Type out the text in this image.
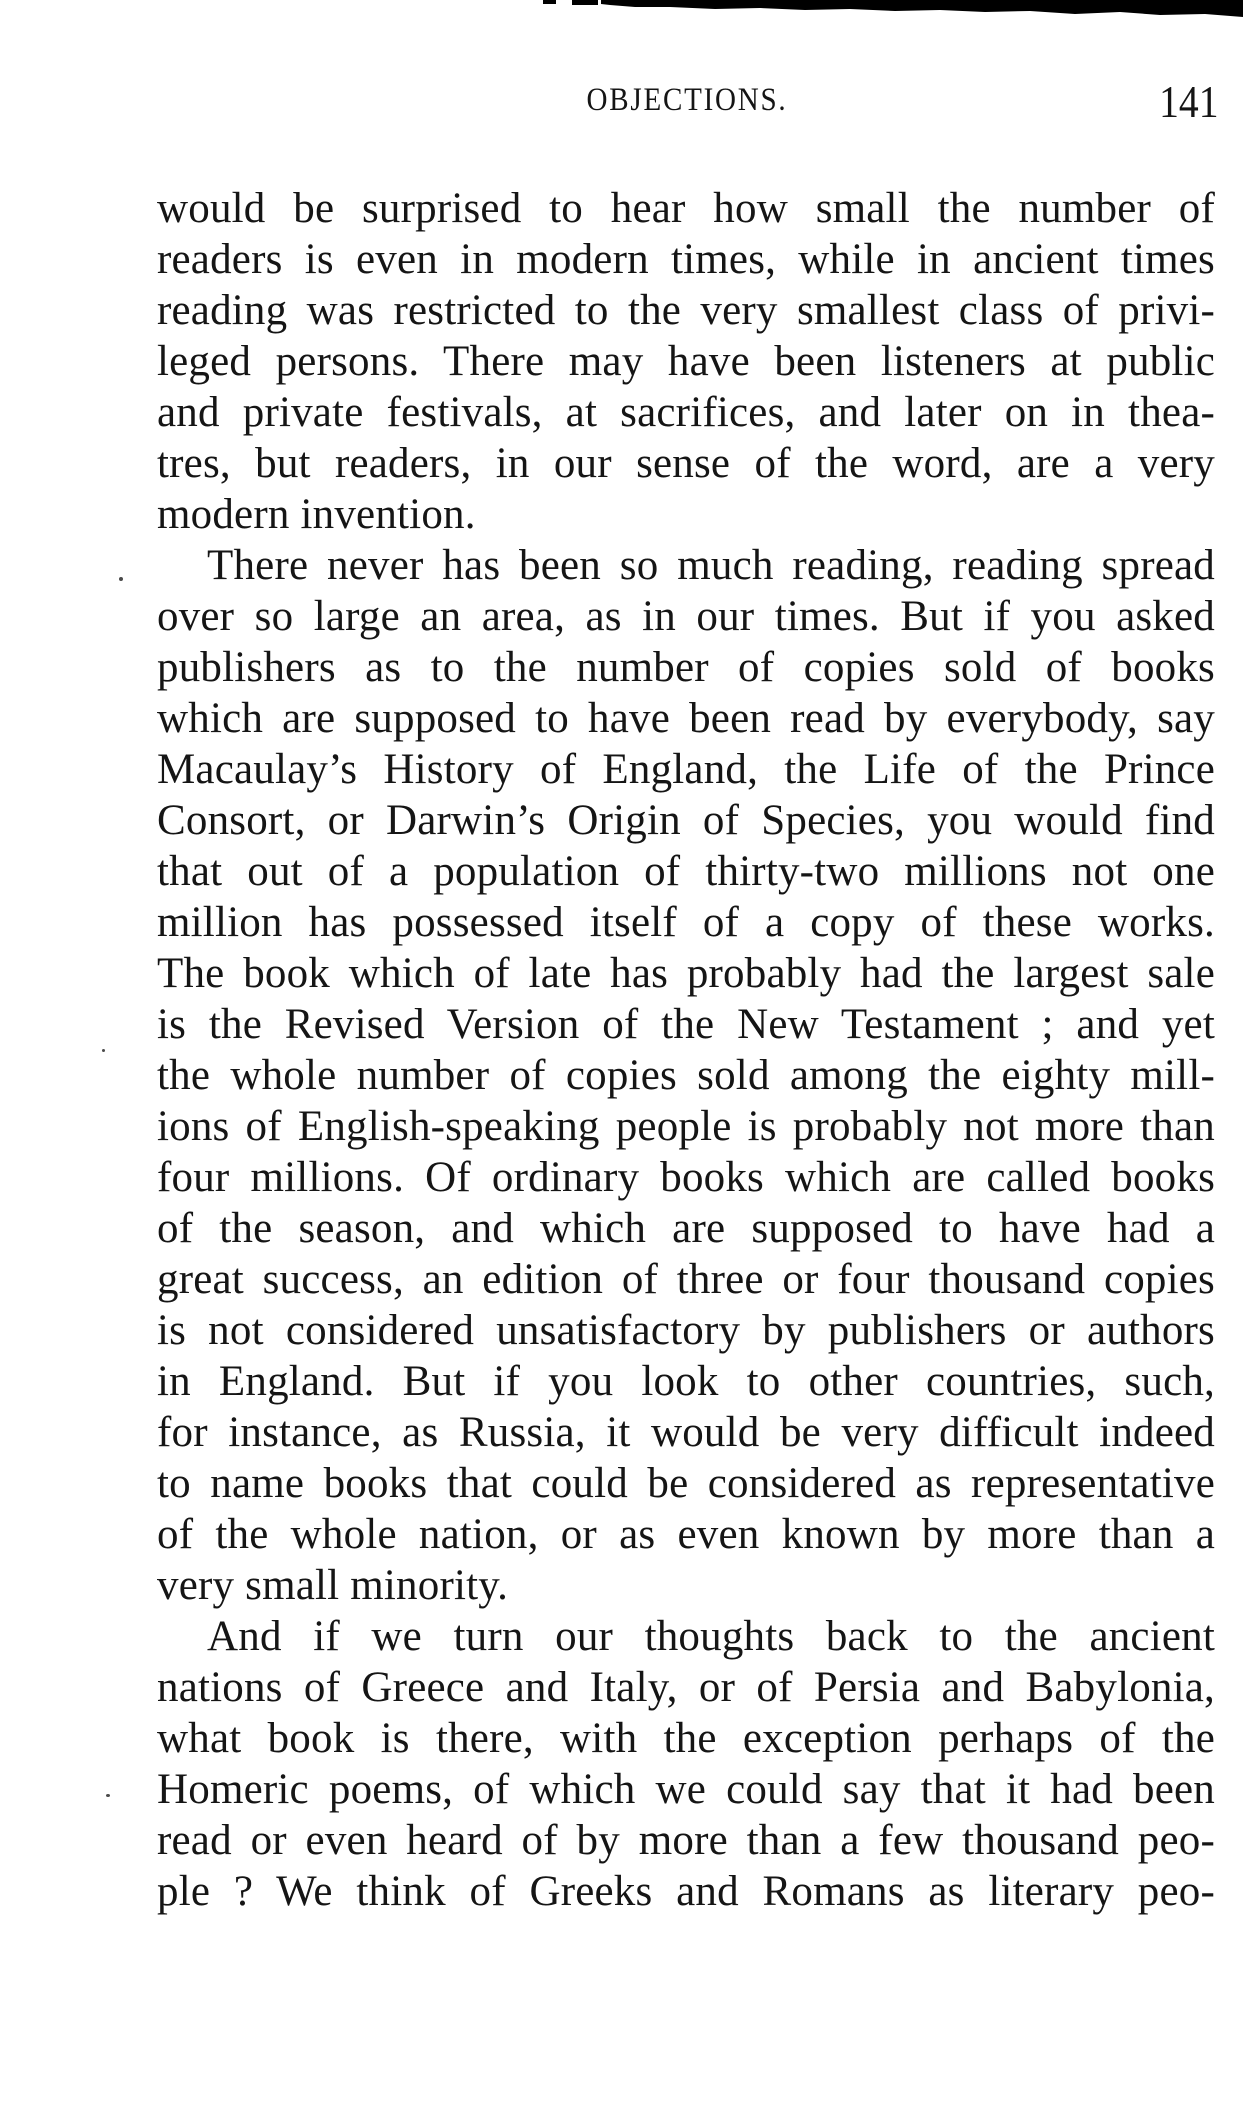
OBJECTIONS.	141
would be surprised to hear how small the number of
readers is even in modern times, while in ancient times
reading was restricted to the very smallest class of privi-
leged persons. There may have been listeners at public
and private festivals, at sacrifices, and later on in thea-
tres, but readers, in our sense of the word, are a very
modern invention.
There never has been so much reading, reading spread
over so large an area, as in our times. But if you asked
publishers as to the number of copies sold of books
which are supposed to have been read by everybody, say
Macaulay’s History of England, the Life of the Prince
Consort, or Darwin’s Origin of Species, you would find
that out of a population of thirty-two millions not one
million has possessed itself of a copy of these works.
The book which of late has probably had the largest sale
is the Revised Version of the New Testament ; and yet
the whole number of copies sold among the eighty mill-
ions of English-speaking people is probably not more than
four millions. Of ordinary books which are called books
of the season, and which are supposed to have had a
great success, an edition of three or four thousand copies
is not considered unsatisfactory by publishers or authors
in England. But if you look to other countries, such,
for instance, as Russia, it would be very difficult indeed
to name books that could be considered as representative
of the whole nation, or as even known by more than a
very small minority.
And if we turn our thoughts back to the ancient
nations of Greece and Italy, or of Persia and Babylonia,
what book is there, with the exception perhaps of the
Homeric poems, of which we could say that it had been
read or even heard of by more than a few thousand peo-
ple ? We think of Greeks and Romans as literary peo-
